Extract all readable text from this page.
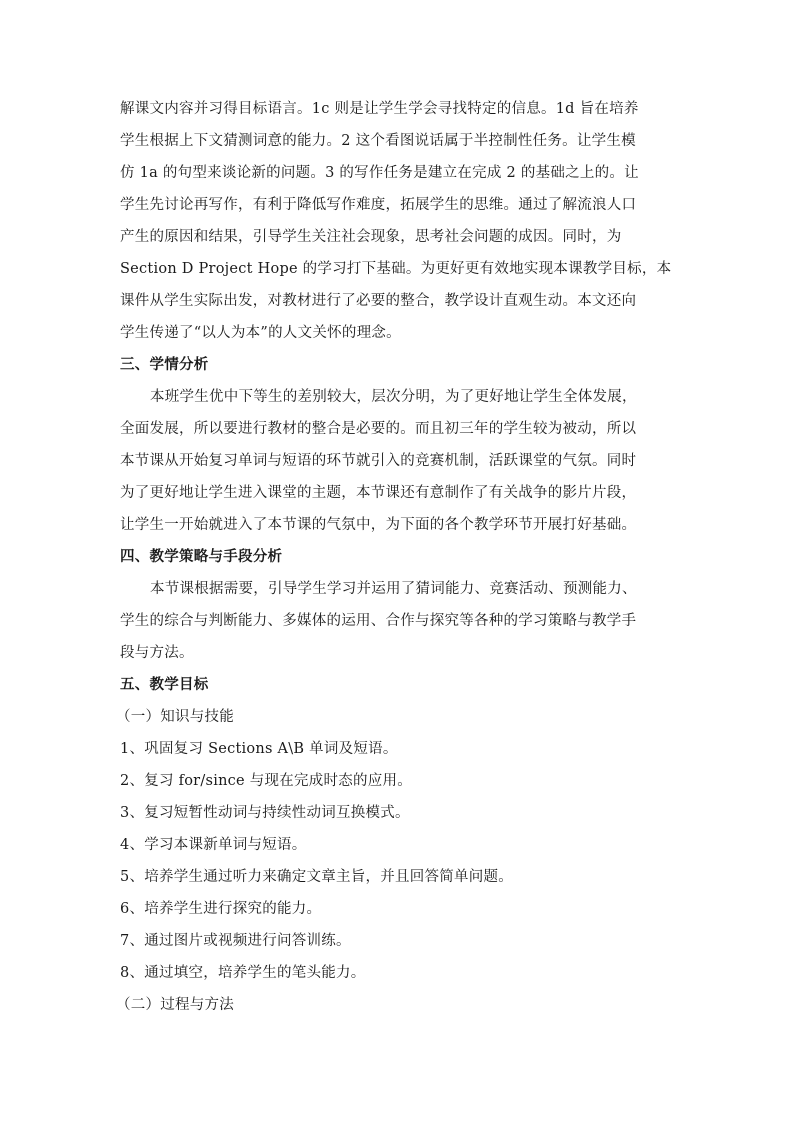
解课文内容并习得目标语言。1c 则是让学生学会寻找特定的信息。1d 旨在培养
学生根据上下文猜测词意的能力。2 这个看图说话属于半控制性任务。让学生模
仿 1a 的句型来谈论新的问题。3 的写作任务是建立在完成 2 的基础之上的。让
学生先讨论再写作，有利于降低写作难度，拓展学生的思维。通过了解流浪人口
产生的原因和结果，引导学生关注社会现象，思考社会问题的成因。同时，为
Section D Project Hope 的学习打下基础。为更好更有效地实现本课教学目标，本
课件从学生实际出发，对教材进行了必要的整合，教学设计直观生动。本文还向
学生传递了“以人为本”的人文关怀的理念。
三、学情分析
本班学生优中下等生的差别较大，层次分明，为了更好地让学生全体发展，
全面发展，所以要进行教材的整合是必要的。而且初三年的学生较为被动，所以
本节课从开始复习单词与短语的环节就引入的竞赛机制，活跃课堂的气氛。同时
为了更好地让学生进入课堂的主题，本节课还有意制作了有关战争的影片片段，
让学生一开始就进入了本节课的气氛中，为下面的各个教学环节开展打好基础。
四、教学策略与手段分析
本节课根据需要，引导学生学习并运用了猜词能力、竞赛活动、预测能力、
学生的综合与判断能力、多媒体的运用、合作与探究等各种的学习策略与教学手
段与方法。
五、教学目标
（一）知识与技能
1、巩固复习 Sections A\B 单词及短语。
2、复习 for/since 与现在完成时态的应用。
3、复习短暂性动词与持续性动词互换模式。
4、学习本课新单词与短语。
5、培养学生通过听力来确定文章主旨，并且回答简单问题。
6、培养学生进行探究的能力。
7、通过图片或视频进行问答训练。
8、通过填空，培养学生的笔头能力。
（二）过程与方法
